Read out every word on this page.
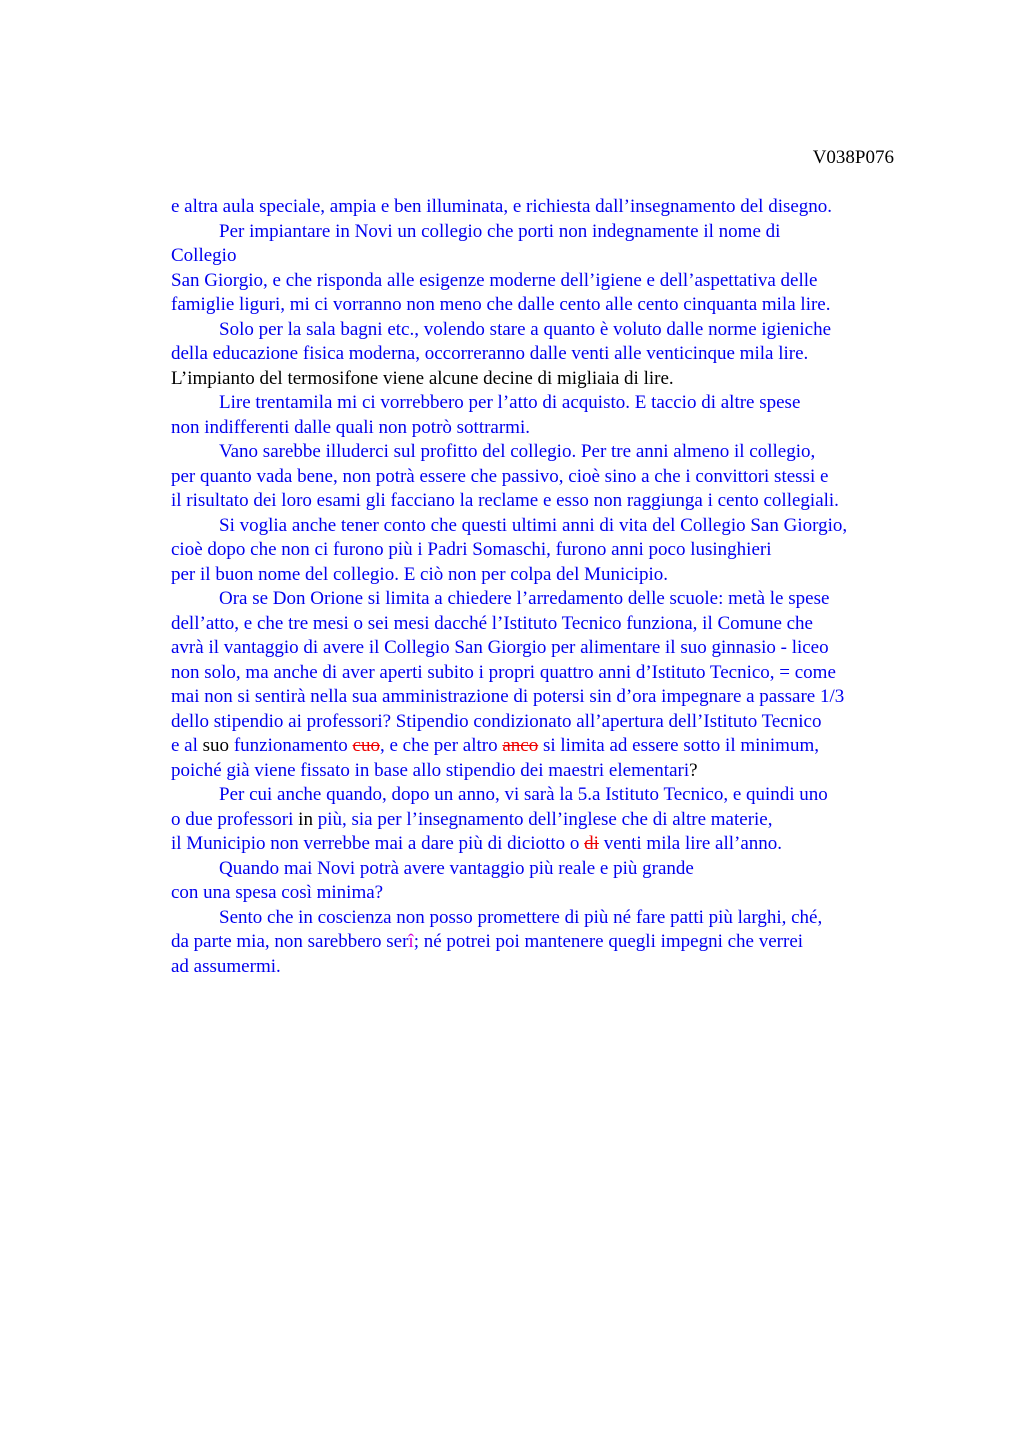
V038P076
e altra aula speciale, ampia e ben illuminata, e richiesta dall’insegnamento del disegno.
Per impiantare in Novi un collegio che porti non indegnamente il nome di
Collegio
San Giorgio, e che risponda alle esigenze moderne dell’igiene e dell’aspettativa delle
famiglie liguri, mi ci vorranno non meno che dalle cento alle cento cinquanta mila lire.
Solo per la sala bagni etc., volendo stare a quanto è voluto dalle norme igieniche
della educazione fisica moderna, occorreranno dalle venti alle venticinque mila lire.
L’impianto del termosifone viene alcune decine di migliaia di lire.
Lire trentamila mi ci vorrebbero per l’atto di acquisto. E taccio di altre spese
non indifferenti dalle quali non potrò sottrarmi.
Vano sarebbe illuderci sul profitto del collegio. Per tre anni almeno il collegio,
per quanto vada bene, non potrà essere che passivo, cioè sino a che i convittori stessi e
il risultato dei loro esami gli facciano la reclame e esso non raggiunga i cento collegiali.
Si voglia anche tener conto che questi ultimi anni di vita del Collegio San Giorgio,
cioè dopo che non ci furono più i Padri Somaschi, furono anni poco lusinghieri
per il buon nome del collegio. E ciò non per colpa del Municipio.
Ora se Don Orione si limita a chiedere l’arredamento delle scuole: metà le spese
dell’atto, e che tre mesi o sei mesi dacché l’Istituto Tecnico funziona, il Comune che
avrà il vantaggio di avere il Collegio San Giorgio per alimentare il suo ginnasio - liceo
non solo, ma anche di aver aperti subito i propri quattro anni d’Istituto Tecnico, = come
mai non si sentirà nella sua amministrazione di potersi sin d’ora impegnare a passare 1/3
dello stipendio ai professori? Stipendio condizionato all’apertura dell’Istituto Tecnico
e al suo funzionamento cuo, e che per altro anco si limita ad essere sotto il minimum,
poiché già viene fissato in base allo stipendio dei maestri elementari?
Per cui anche quando, dopo un anno, vi sarà la 5.a Istituto Tecnico, e quindi uno
o due professori in più, sia per l’insegnamento dell’inglese che di altre materie,
il Municipio non verrebbe mai a dare più di diciotto o di venti mila lire all’anno.
Quando mai Novi potrà avere vantaggio più reale e più grande
con una spesa così minima?
Sento che in coscienza non posso promettere di più né fare patti più larghi, ché,
da parte mia, non sarebbero serî; né potrei poi mantenere quegli impegni che verrei
ad assumermi.
